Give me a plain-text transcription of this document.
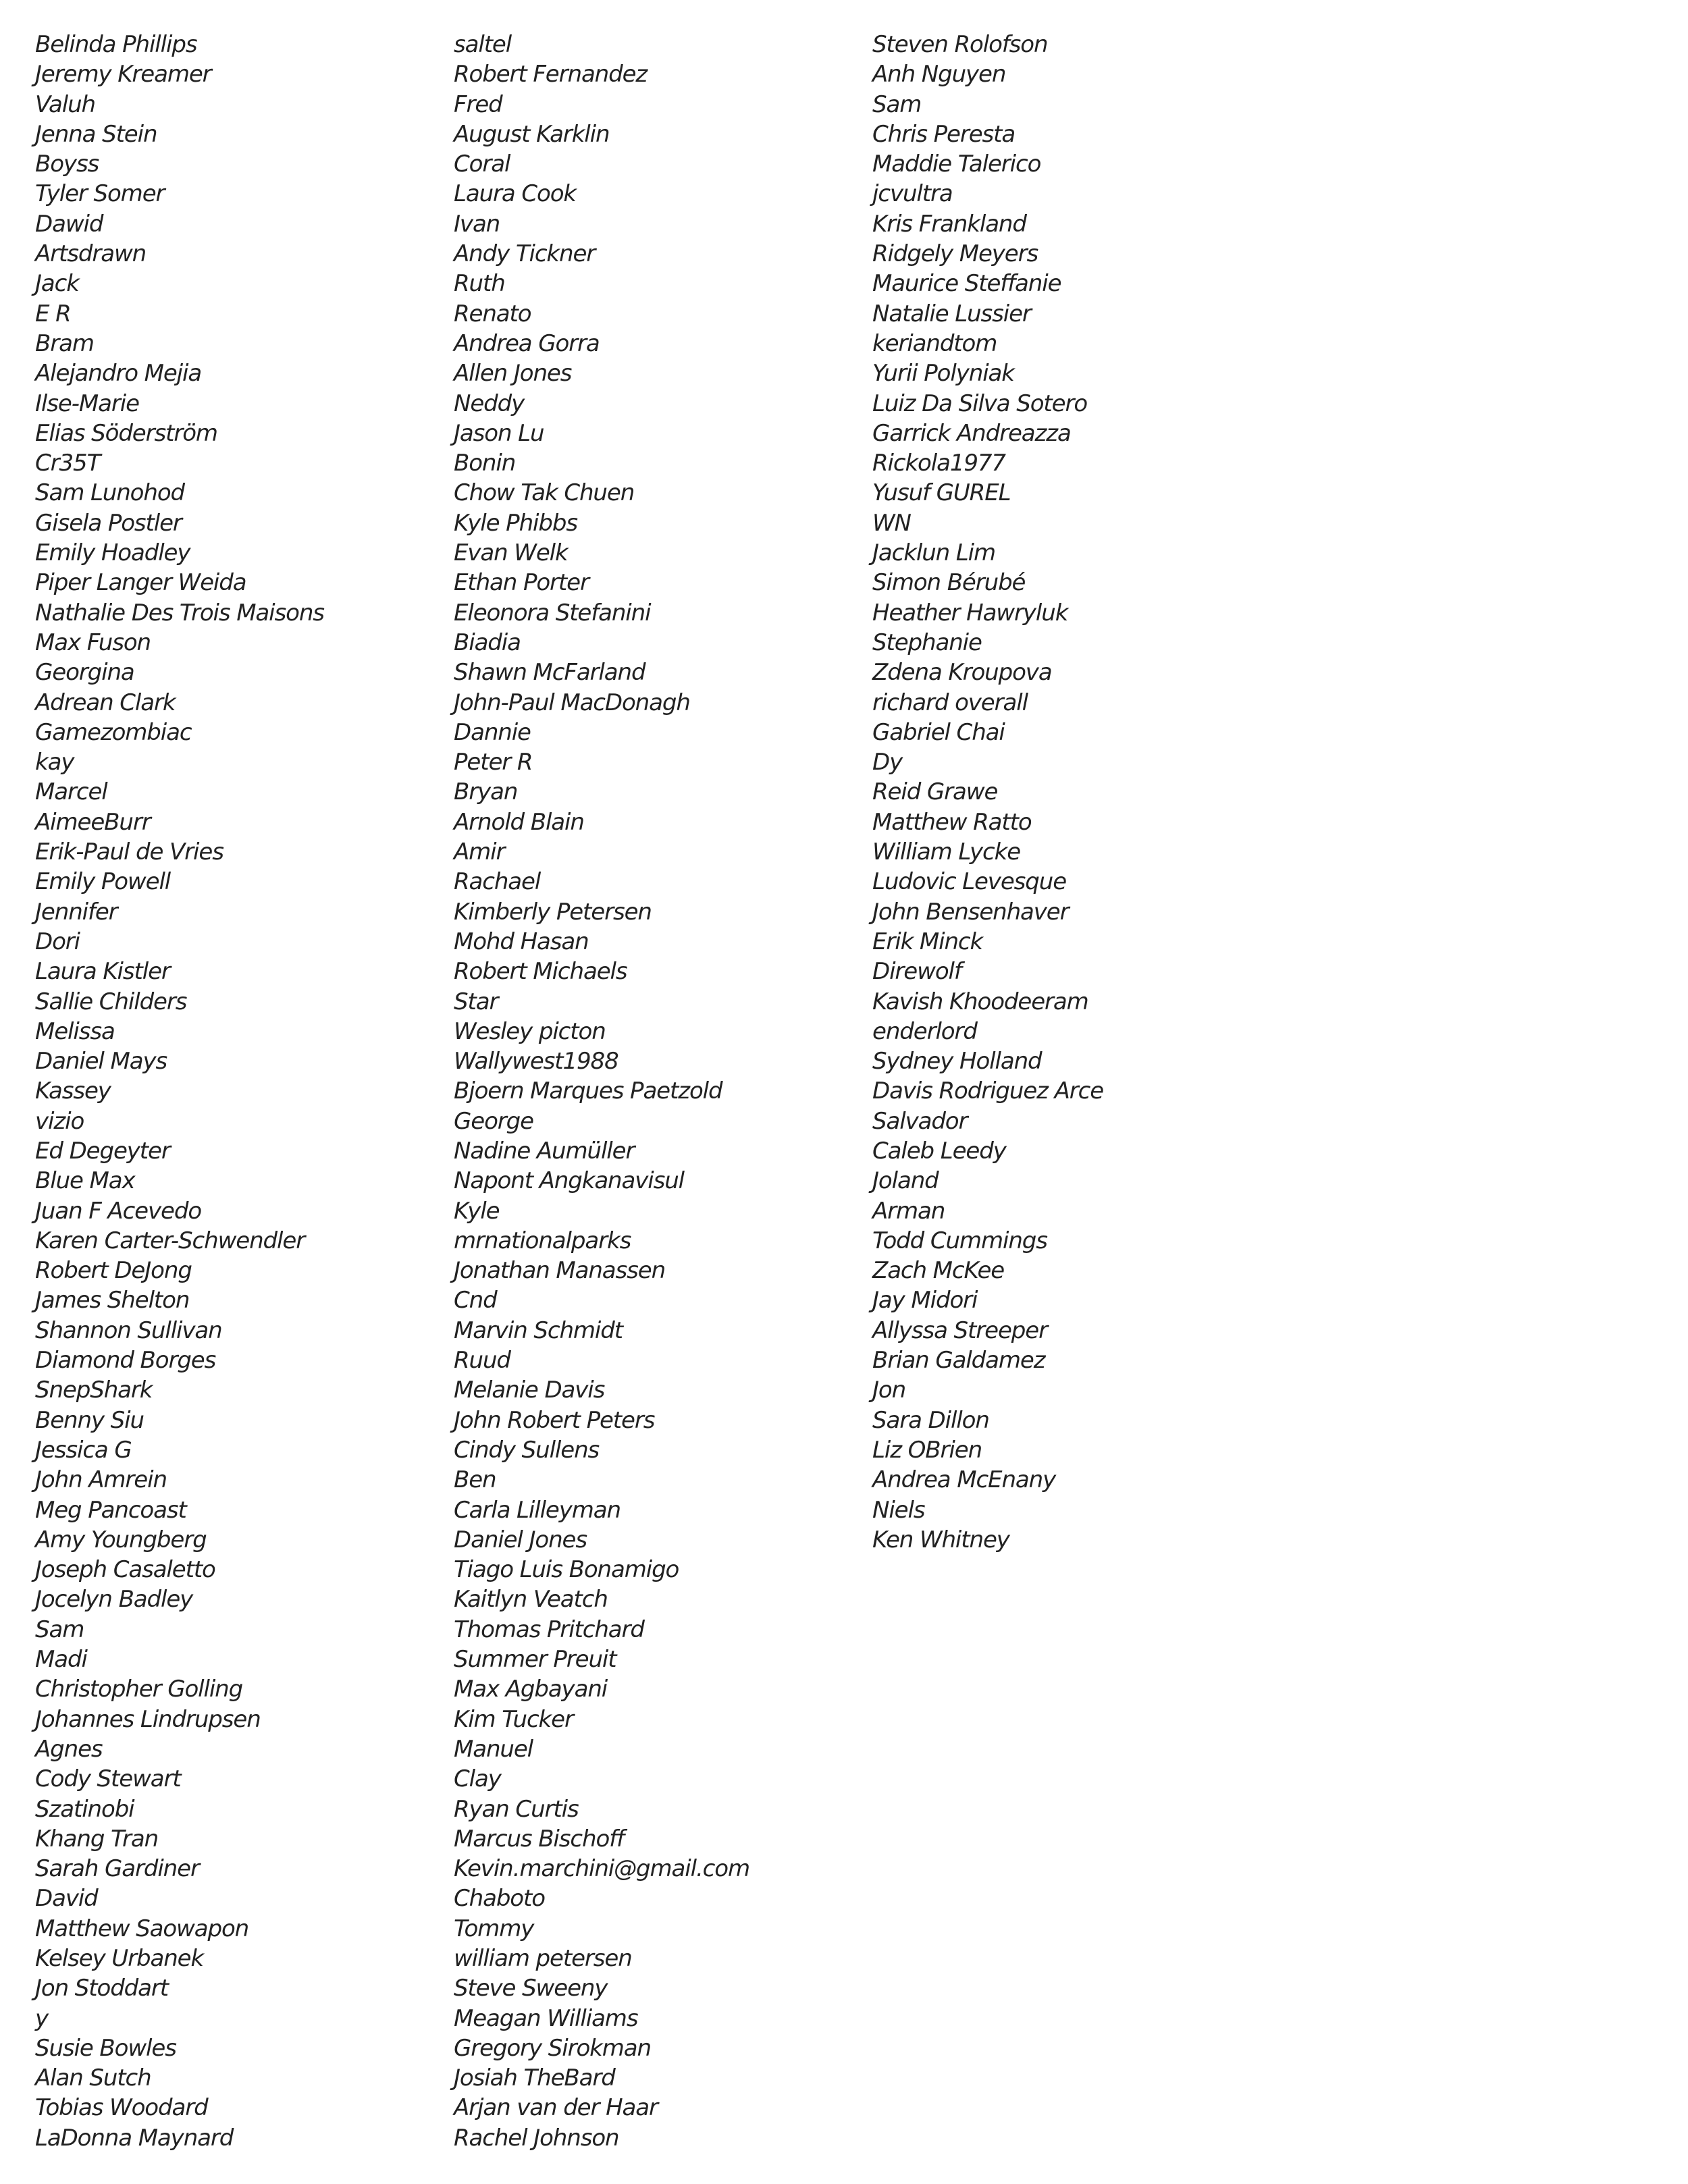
Belinda Phillips
Jeremy Kreamer
Valuh
Jenna Stein
Boyss
Tyler Somer
Dawid
Artsdrawn
Jack
E R
Bram
Alejandro Mejia
Ilse-Marie
Elias Söderström
Cr35T
Sam Lunohod
Gisela Postler
Emily Hoadley
Piper Langer Weida
Nathalie Des Trois Maisons
Max Fuson
Georgina
Adrean Clark
Gamezombiac
kay
Marcel
AimeeBurr
Erik-Paul de Vries
Emily Powell
Jennifer
Dori
Laura Kistler
Sallie Childers
Melissa
Daniel Mays
Kassey
vizio
Ed Degeyter
Blue Max
Juan F Acevedo
Karen Carter-Schwendler
Robert DeJong
James Shelton
Shannon Sullivan
Diamond Borges
SnepShark
Benny Siu
Jessica G
John Amrein
Meg Pancoast
Amy Youngberg
Joseph Casaletto
Jocelyn Badley
Sam
Madi
Christopher Golling
Johannes Lindrupsen
Agnes
Cody Stewart
Szatinobi
Khang Tran
Sarah Gardiner
David
Matthew Saowapon
Kelsey Urbanek
Jon Stoddart
y
Susie Bowles
Alan Sutch
Tobias Woodard
LaDonna Maynard
saltel
Robert Fernandez
Fred
August Karklin
Coral
Laura Cook
Ivan
Andy Tickner
Ruth
Renato
Andrea Gorra
Allen Jones
Neddy
Jason Lu
Bonin
Chow Tak Chuen
Kyle Phibbs
Evan Welk
Ethan Porter
Eleonora Stefanini
Biadia
Shawn McFarland
John-Paul MacDonagh
Dannie
Peter R
Bryan
Arnold Blain
Amir
Rachael
Kimberly Petersen
Mohd Hasan
Robert Michaels
Star
Wesley picton
Wallywest1988
Bjoern Marques Paetzold
George
Nadine Aumüller
Napont Angkanavisul
Kyle
mrnationalparks
Jonathan Manassen
Cnd
Marvin Schmidt
Ruud
Melanie Davis
John Robert Peters
Cindy Sullens
Ben
Carla Lilleyman
Daniel Jones
Tiago Luis Bonamigo
Kaitlyn Veatch
Thomas Pritchard
Summer Preuit
Max Agbayani
Kim Tucker
Manuel
Clay
Ryan Curtis
Marcus Bischoff
Kevin.marchini@gmail.com
Chaboto
Tommy
william petersen
Steve Sweeny
Meagan Williams
Gregory Sirokman
Josiah TheBard
Arjan van der Haar
Rachel Johnson
Steven Rolofson
Anh Nguyen
Sam
Chris Peresta
Maddie Talerico
jcvultra
Kris Frankland
Ridgely Meyers
Maurice Steffanie
Natalie Lussier
keriandtom
Yurii Polyniak
Luiz Da Silva Sotero
Garrick Andreazza
Rickola1977
Yusuf GUREL
WN
Jacklun Lim
Simon Bérubé
Heather Hawryluk
Stephanie
Zdena Kroupova
richard overall
Gabriel Chai
Dy
Reid Grawe
Matthew Ratto
William Lycke
Ludovic Levesque
John Bensenhaver
Erik Minck
Direwolf
Kavish Khoodeeram
enderlord
Sydney Holland
Davis Rodriguez Arce
Salvador
Caleb Leedy
Joland
Arman
Todd Cummings
Zach McKee
Jay Midori
Allyssa Streeper
Brian Galdamez
Jon
Sara Dillon
Liz OBrien
Andrea McEnany
Niels
Ken Whitney
